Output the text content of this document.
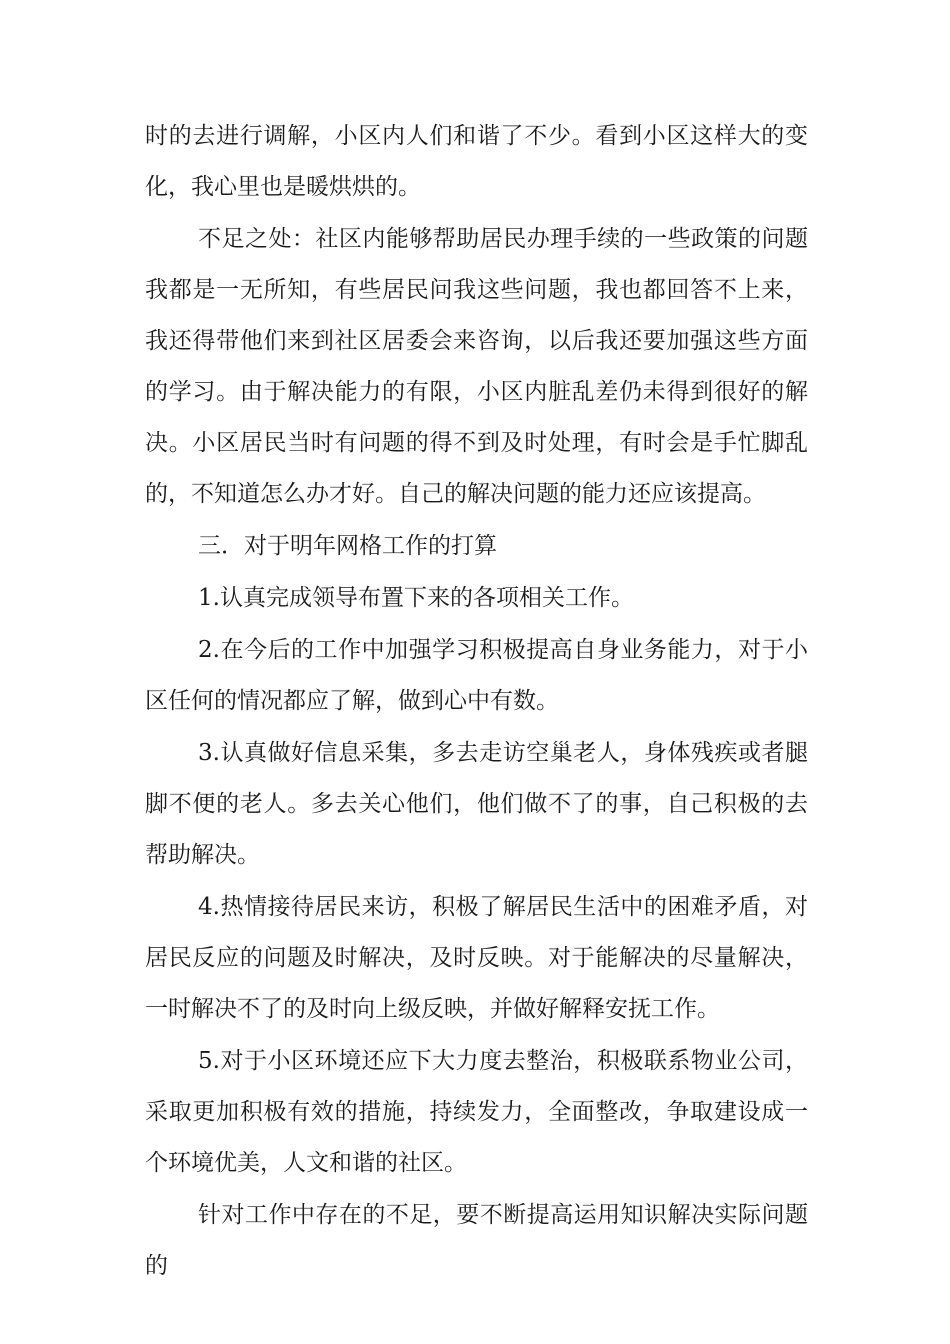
时的去进行调解，小区内人们和谐了不少。看到小区这样大的变化，我心里也是暖烘烘的。

不足之处：社区内能够帮助居民办理手续的一些政策的问题我都是一无所知，有些居民问我这些问题，我也都回答不上来，我还得带他们来到社区居委会来咨询，以后我还要加强这些方面的学习。由于解决能力的有限，小区内脏乱差仍未得到很好的解决。小区居民当时有问题的得不到及时处理，有时会是手忙脚乱的，不知道怎么办才好。自己的解决问题的能力还应该提高。

三．对于明年网格工作的打算

1.认真完成领导布置下来的各项相关工作。

2.在今后的工作中加强学习积极提高自身业务能力，对于小区任何的情况都应了解，做到心中有数。

3.认真做好信息采集，多去走访空巢老人，身体残疾或者腿脚不便的老人。多去关心他们，他们做不了的事，自己积极的去帮助解决。

4.热情接待居民来访，积极了解居民生活中的困难矛盾，对居民反应的问题及时解决，及时反映。对于能解决的尽量解决，一时解决不了的及时向上级反映，并做好解释安抚工作。

5.对于小区环境还应下大力度去整治，积极联系物业公司，采取更加积极有效的措施，持续发力，全面整改，争取建设成一个环境优美，人文和谐的社区。

针对工作中存在的不足，要不断提高运用知识解决实际问题的
